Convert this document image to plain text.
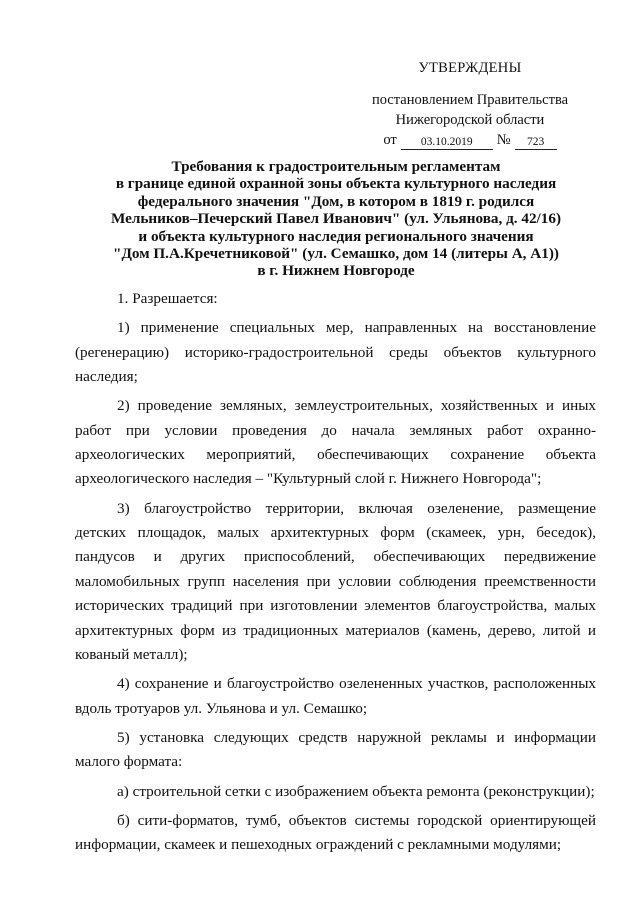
УТВЕРЖДЕНЫ
постановлением Правительства
Нижегородской области
от	03.10.2019	№	723
Требования к градостроительным регламентам
в границе единой охранной зоны объекта культурного наследия
федерального значения "Дом, в котором в 1819 г. родился
Мельников–Печерский Павел Иванович" (ул. Ульянова, д. 42/16)
и объекта культурного наследия регионального значения
"Дом П.А.Кречетниковой" (ул. Семашко, дом 14 (литеры А, А1))
в г. Нижнем Новгороде

1. Разрешается:

1) применение специальных мер, направленных на восстановление (регенерацию) историко-градостроительной среды объектов культурного наследия;

2) проведение земляных, землеустроительных, хозяйственных и иных работ при условии проведения до начала земляных работ охранно-археологических мероприятий, обеспечивающих сохранение объекта археологического наследия – "Культурный слой г. Нижнего Новгорода";

3) благоустройство территории, включая озеленение, размещение детских площадок, малых архитектурных форм (скамеек, урн, беседок), пандусов и других приспособлений, обеспечивающих передвижение маломобильных групп населения при условии соблюдения преемственности исторических традиций при изготовлении элементов благоустройства, малых архитектурных форм из традиционных материалов (камень, дерево, литой и кованый металл);

4) сохранение и благоустройство озелененных участков, расположенных вдоль тротуаров ул. Ульянова и ул. Семашко;

5) установка следующих средств наружной рекламы и информации малого формата:

а) строительной сетки с изображением объекта ремонта (реконструкции);

б) сити-форматов, тумб, объектов системы городской ориентирующей информации, скамеек и пешеходных ограждений с рекламными модулями;
